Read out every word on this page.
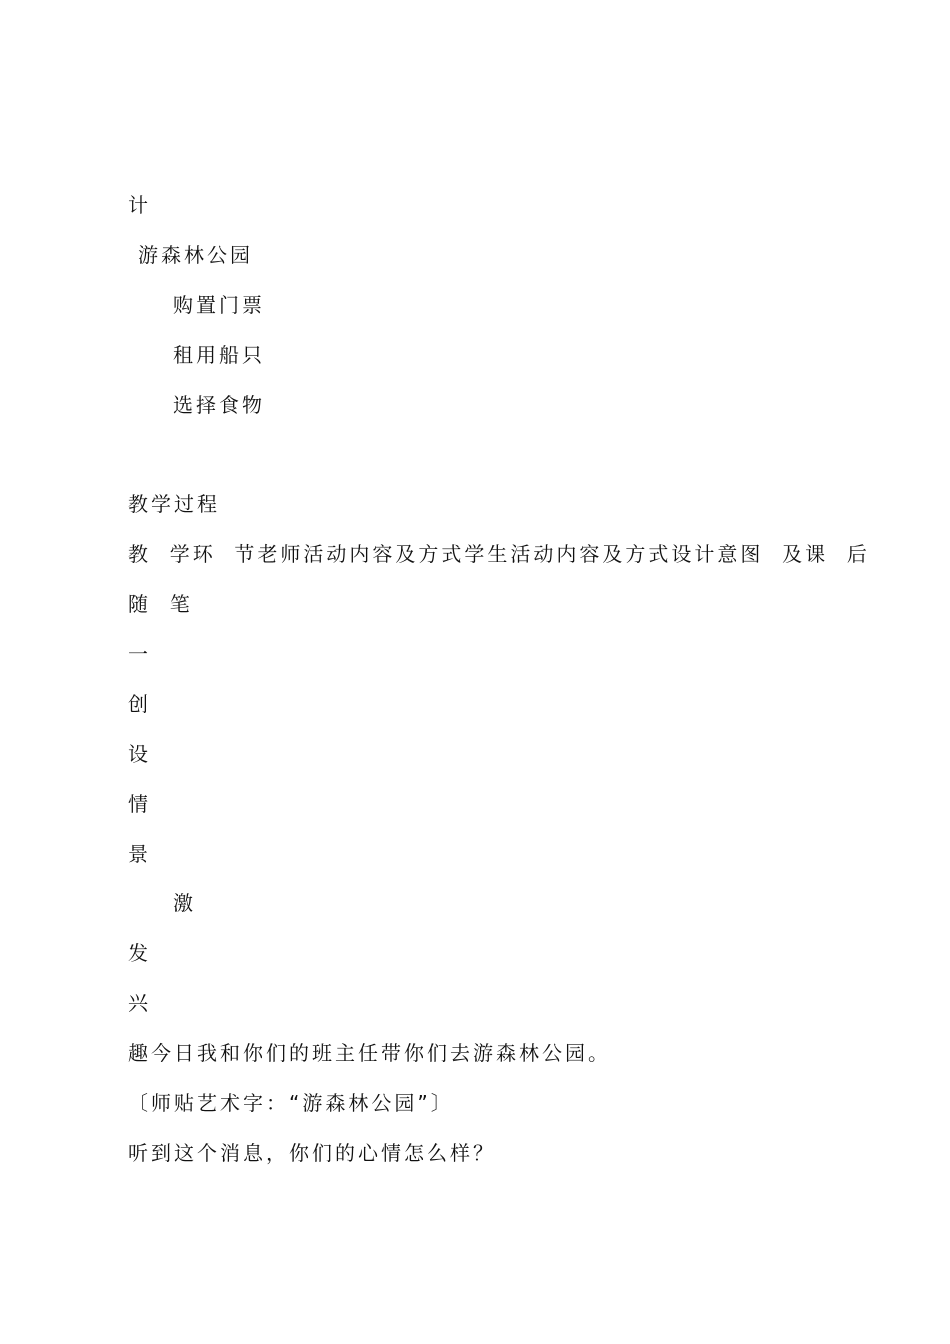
计
游森林公园
购置门票
租用船只
选择食物
教学过程
教  学环  节老师活动内容及方式学生活动内容及方式设计意图  及课  后
随  笔
一
创
设
情
景
激
发
兴
趣今日我和你们的班主任带你们去游森林公园。
〔师贴艺术字：“游森林公园”〕
听到这个消息，你们的心情怎么样？
